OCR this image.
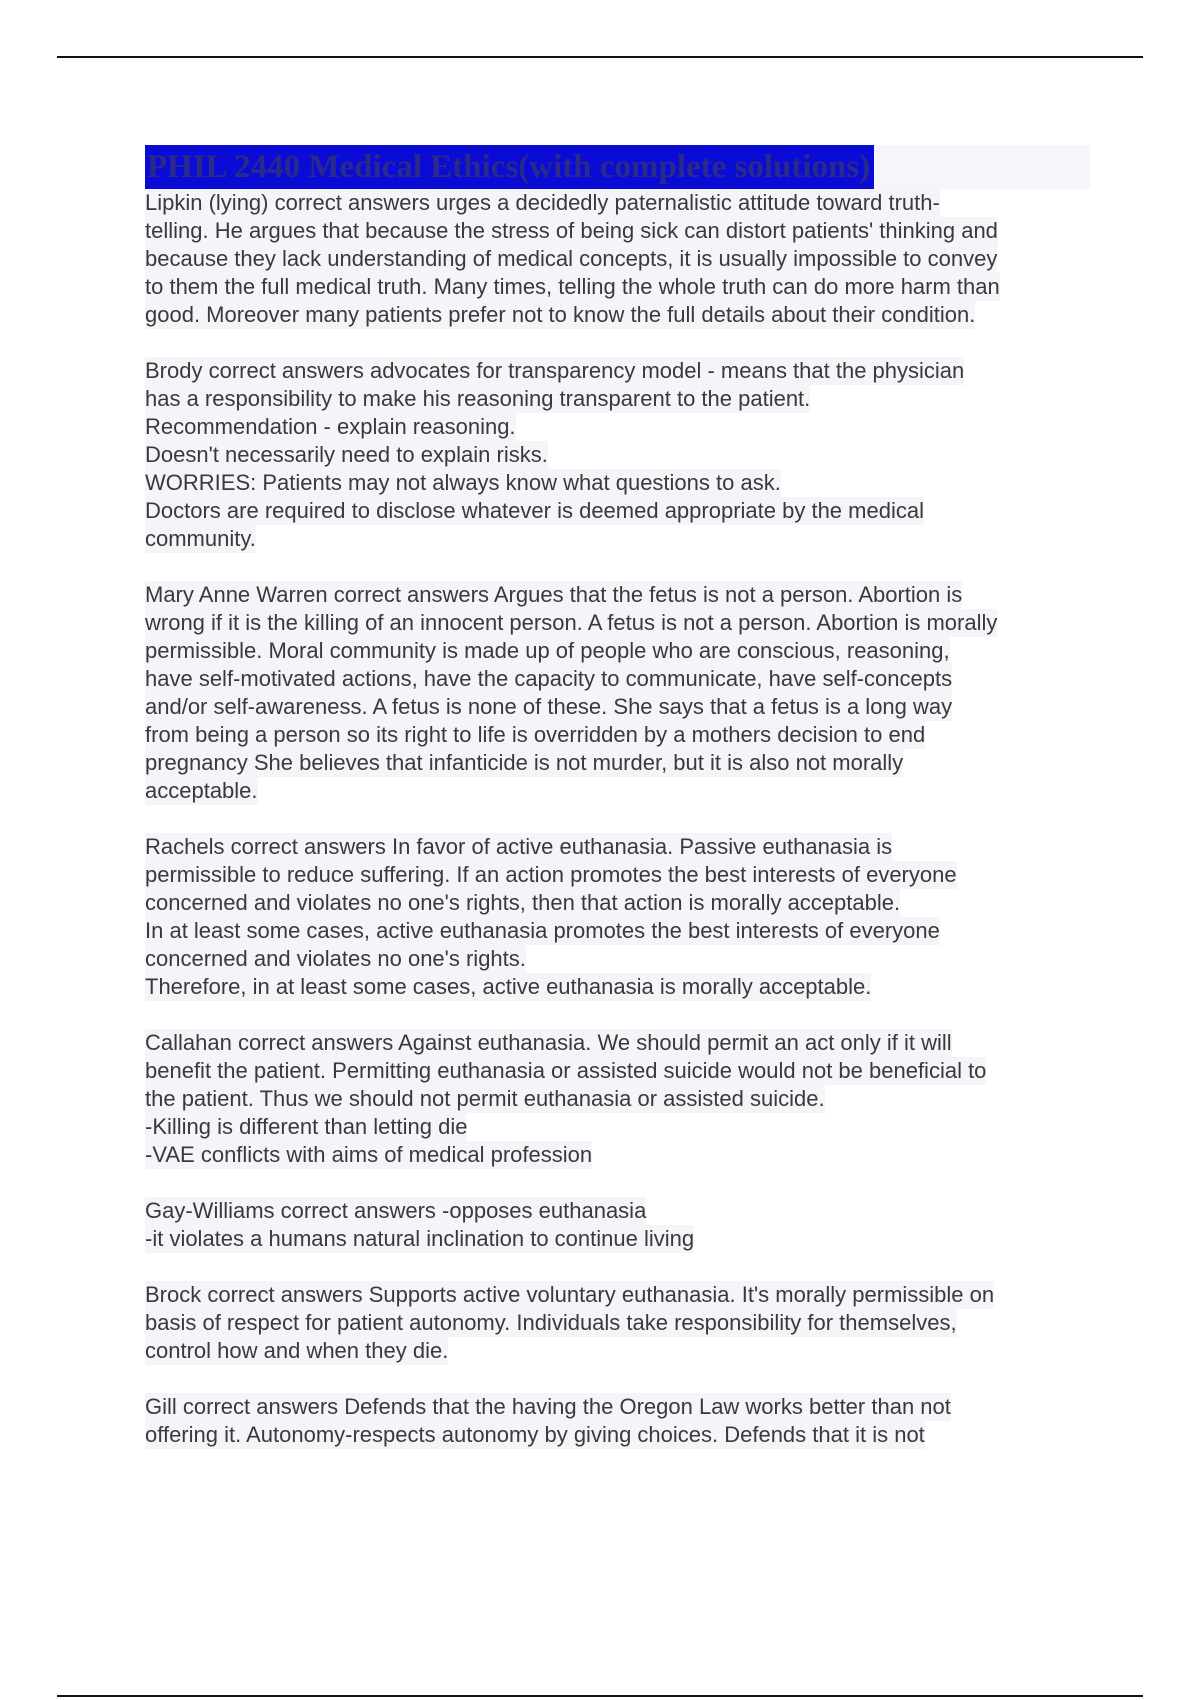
PHIL 2440 Medical Ethics(with complete solutions)
Lipkin (lying) correct answers urges a decidedly paternalistic attitude toward truth-
telling. He argues that because the stress of being sick can distort patients' thinking and
because they lack understanding of medical concepts, it is usually impossible to convey
to them the full medical truth. Many times, telling the whole truth can do more harm than
good. Moreover many patients prefer not to know the full details about their condition.
Brody correct answers advocates for transparency model - means that the physician
has a responsibility to make his reasoning transparent to the patient.
Recommendation - explain reasoning.
Doesn't necessarily need to explain risks.
WORRIES: Patients may not always know what questions to ask.
Doctors are required to disclose whatever is deemed appropriate by the medical
community.
Mary Anne Warren correct answers Argues that the fetus is not a person. Abortion is
wrong if it is the killing of an innocent person. A fetus is not a person. Abortion is morally
permissible. Moral community is made up of people who are conscious, reasoning,
have self-motivated actions, have the capacity to communicate, have self-concepts
and/or self-awareness. A fetus is none of these. She says that a fetus is a long way
from being a person so its right to life is overridden by a mothers decision to end
pregnancy She believes that infanticide is not murder, but it is also not morally
acceptable.
Rachels correct answers In favor of active euthanasia. Passive euthanasia is
permissible to reduce suffering. If an action promotes the best interests of everyone
concerned and violates no one's rights, then that action is morally acceptable.
In at least some cases, active euthanasia promotes the best interests of everyone
concerned and violates no one's rights.
Therefore, in at least some cases, active euthanasia is morally acceptable.
Callahan correct answers Against euthanasia. We should permit an act only if it will
benefit the patient. Permitting euthanasia or assisted suicide would not be beneficial to
the patient. Thus we should not permit euthanasia or assisted suicide.
-Killing is different than letting die
-VAE conflicts with aims of medical profession
Gay-Williams correct answers -opposes euthanasia
-it violates a humans natural inclination to continue living
Brock correct answers Supports active voluntary euthanasia. It's morally permissible on
basis of respect for patient autonomy. Individuals take responsibility for themselves,
control how and when they die.
Gill correct answers Defends that the having the Oregon Law works better than not
offering it. Autonomy-respects autonomy by giving choices. Defends that it is not
